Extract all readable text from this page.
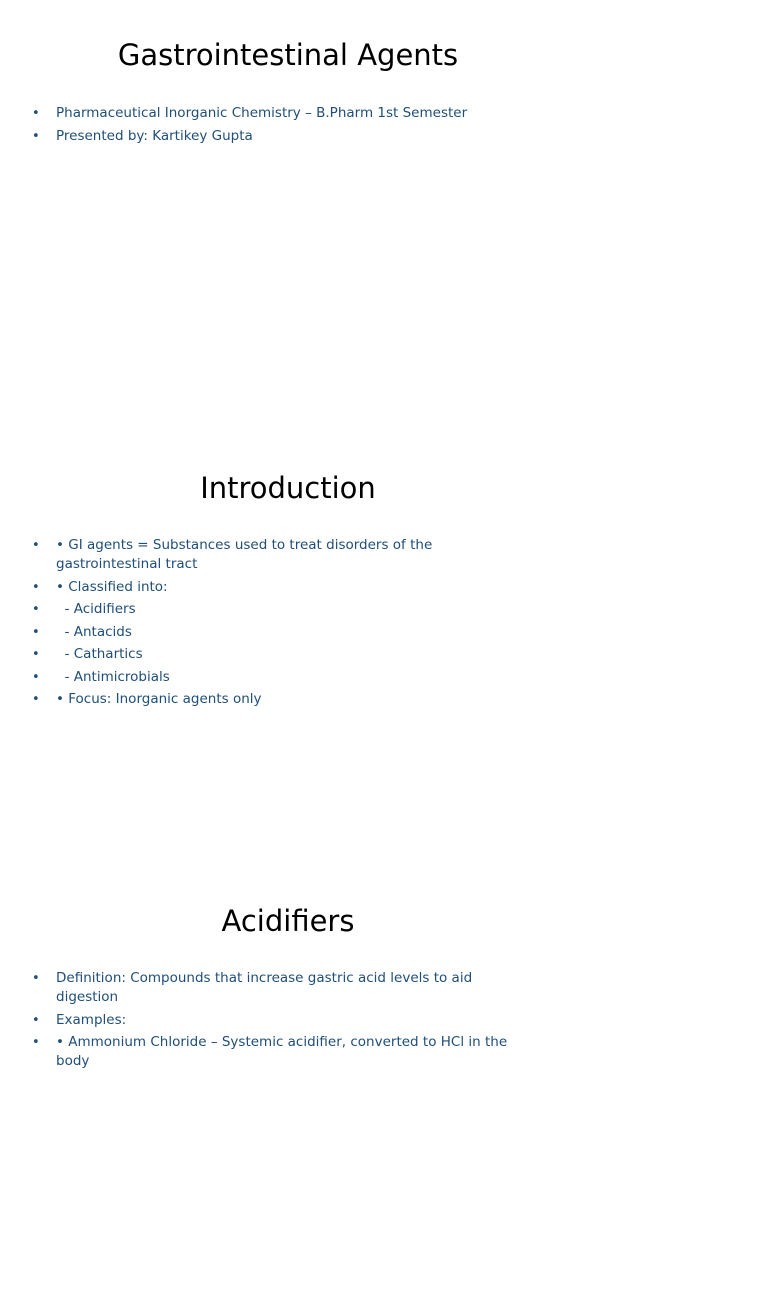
Gastrointestinal Agents
• Pharmaceutical Inorganic Chemistry – B.Pharm 1st Semester
• Presented by: Kartikey Gupta
Introduction
• • GI agents = Substances used to treat disorders of the gastrointestinal tract
• • Classified into:
• - Acidifiers
• - Antacids
• - Cathartics
• - Antimicrobials
• • Focus: Inorganic agents only
Acidifiers
• Definition: Compounds that increase gastric acid levels to aid digestion
• Examples:
• • Ammonium Chloride – Systemic acidifier, converted to HCl in the body
